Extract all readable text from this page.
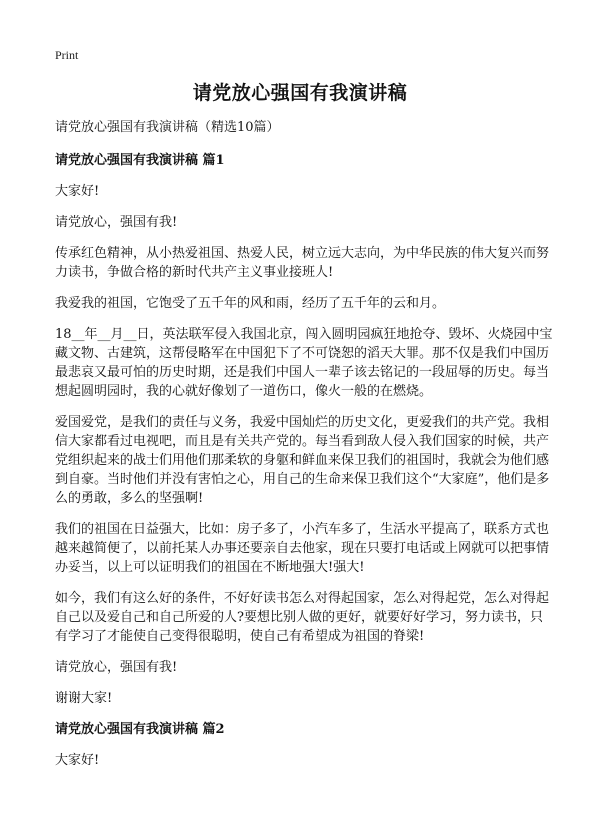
Print
请党放心强国有我演讲稿

请党放心强国有我演讲稿（精选10篇）

请党放心强国有我演讲稿 篇1

大家好!

请党放心，强国有我!

传承红色精神，从小热爱祖国、热爱人民，树立远大志向，为中华民族的伟大复兴而努力读书，争做合格的新时代共产主义事业接班人!

我爱我的祖国，它饱受了五千年的风和雨，经历了五千年的云和月。

18__年__月__日，英法联军侵入我国北京，闯入圆明园疯狂地抢夺、毁坏、火烧园中宝藏文物、古建筑，这帮侵略军在中国犯下了不可饶恕的滔天大罪。那不仅是我们中国历最悲哀又最可怕的历史时期，还是我们中国人一辈子该去铭记的一段屈辱的历史。每当想起圆明园时，我的心就好像划了一道伤口，像火一般的在燃烧。

爱国爱党，是我们的责任与义务，我爱中国灿烂的历史文化，更爱我们的共产党。我相信大家都看过电视吧，而且是有关共产党的。每当看到敌人侵入我们国家的时候，共产党组织起来的战士们用他们那柔软的身躯和鲜血来保卫我们的祖国时，我就会为他们感到自豪。当时他们并没有害怕之心，用自己的生命来保卫我们这个“大家庭”，他们是多么的勇敢，多么的坚强啊!

我们的祖国在日益强大，比如：房子多了，小汽车多了，生活水平提高了，联系方式也越来越简便了，以前托某人办事还要亲自去他家，现在只要打电话或上网就可以把事情办妥当，以上可以证明我们的祖国在不断地强大!强大!

如今，我们有这么好的条件，不好好读书怎么对得起国家，怎么对得起党，怎么对得起自己以及爱自己和自己所爱的人?要想比别人做的更好，就要好好学习，努力读书，只有学习了才能使自己变得很聪明，使自己有希望成为祖国的脊梁!

请党放心，强国有我!

谢谢大家!

请党放心强国有我演讲稿 篇2

大家好!
